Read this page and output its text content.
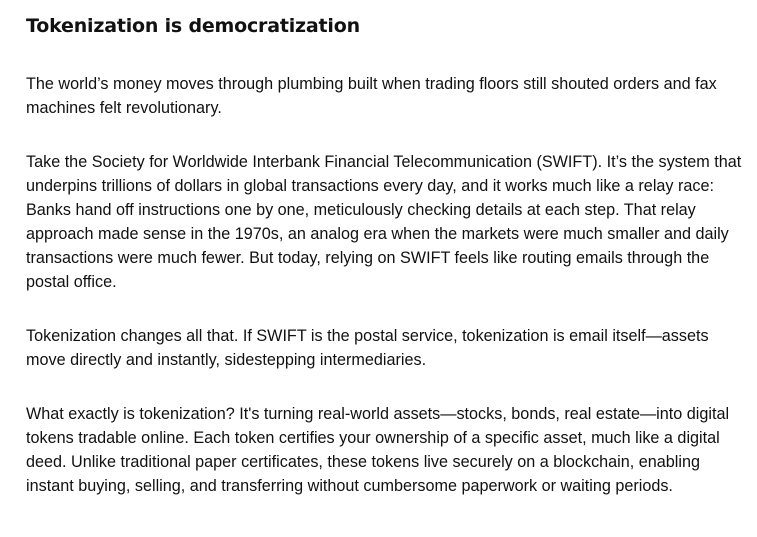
Tokenization is democratization

The world’s money moves through plumbing built when trading floors still shouted orders and fax machines felt revolutionary.

Take the Society for Worldwide Interbank Financial Telecommunication (SWIFT). It’s the system that underpins trillions of dollars in global transactions every day, and it works much like a relay race: Banks hand off instructions one by one, meticulously checking details at each step. That relay approach made sense in the 1970s, an analog era when the markets were much smaller and daily transactions were much fewer. But today, relying on SWIFT feels like routing emails through the postal office.

Tokenization changes all that. If SWIFT is the postal service, tokenization is email itself—assets move directly and instantly, sidestepping intermediaries.

What exactly is tokenization? It's turning real-world assets—stocks, bonds, real estate—into digital tokens tradable online. Each token certifies your ownership of a specific asset, much like a digital deed. Unlike traditional paper certificates, these tokens live securely on a blockchain, enabling instant buying, selling, and transferring without cumbersome paperwork or waiting periods.
